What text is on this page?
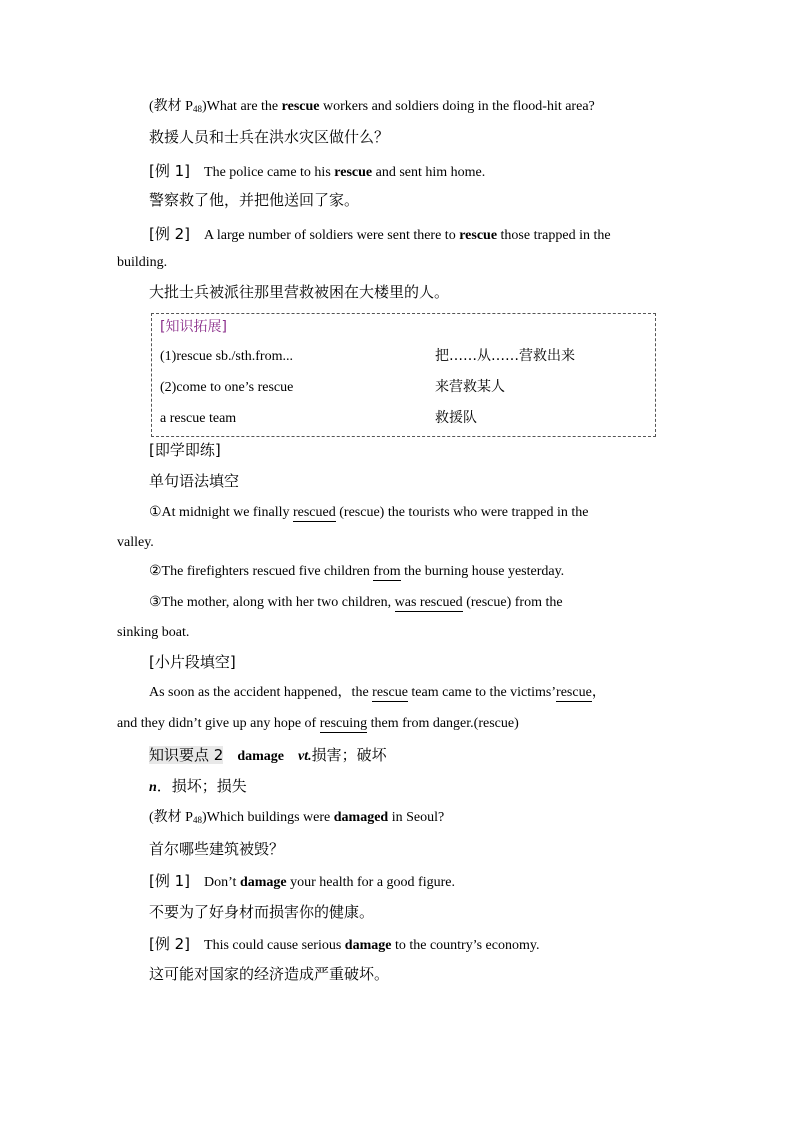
(教材 $P_{48})What$ are the rescue workers and soldiers doing in the flood-hit area?
救援人员和士兵在洪水灾区做什么？
[例 1] The police came to his rescue and sent him home.
警察救了他，并把他送回了家。
[例 2] A large number of soldiers were sent there to rescue those trapped in the
building.
大批士兵被派往那里营救被困在大楼里的人。
[知识拓展]
(1)rescue sb./sth.from...	把……从……营救出来
(2)come to one’s rescue	来营救某人
a rescue team	救援队
[即学即练]
单句语法填空
①At midnight we finally rescued (rescue) the tourists who were trapped in the
valley.
②The firefighters rescued five children from the burning house yesterday.
③The mother, along with her two children, was rescued (rescue) from the
sinking boat.
[小片段填空]
As soon as the accident happened，the rescue team came to the victims’rescue，
and they didn’t give up any hope of rescuing them from danger.(rescue)
知识要点 2 damage vt.损害；破坏
n．损坏；损失
(教材 $P_{48})Which$ buildings were damaged in Seoul?
首尔哪些建筑被毁？
[例 1] Don’t damage your health for a good figure.
不要为了好身材而损害你的健康。
[例 2] This could cause serious damage to the country’s economy.
这可能对国家的经济造成严重破坏。
